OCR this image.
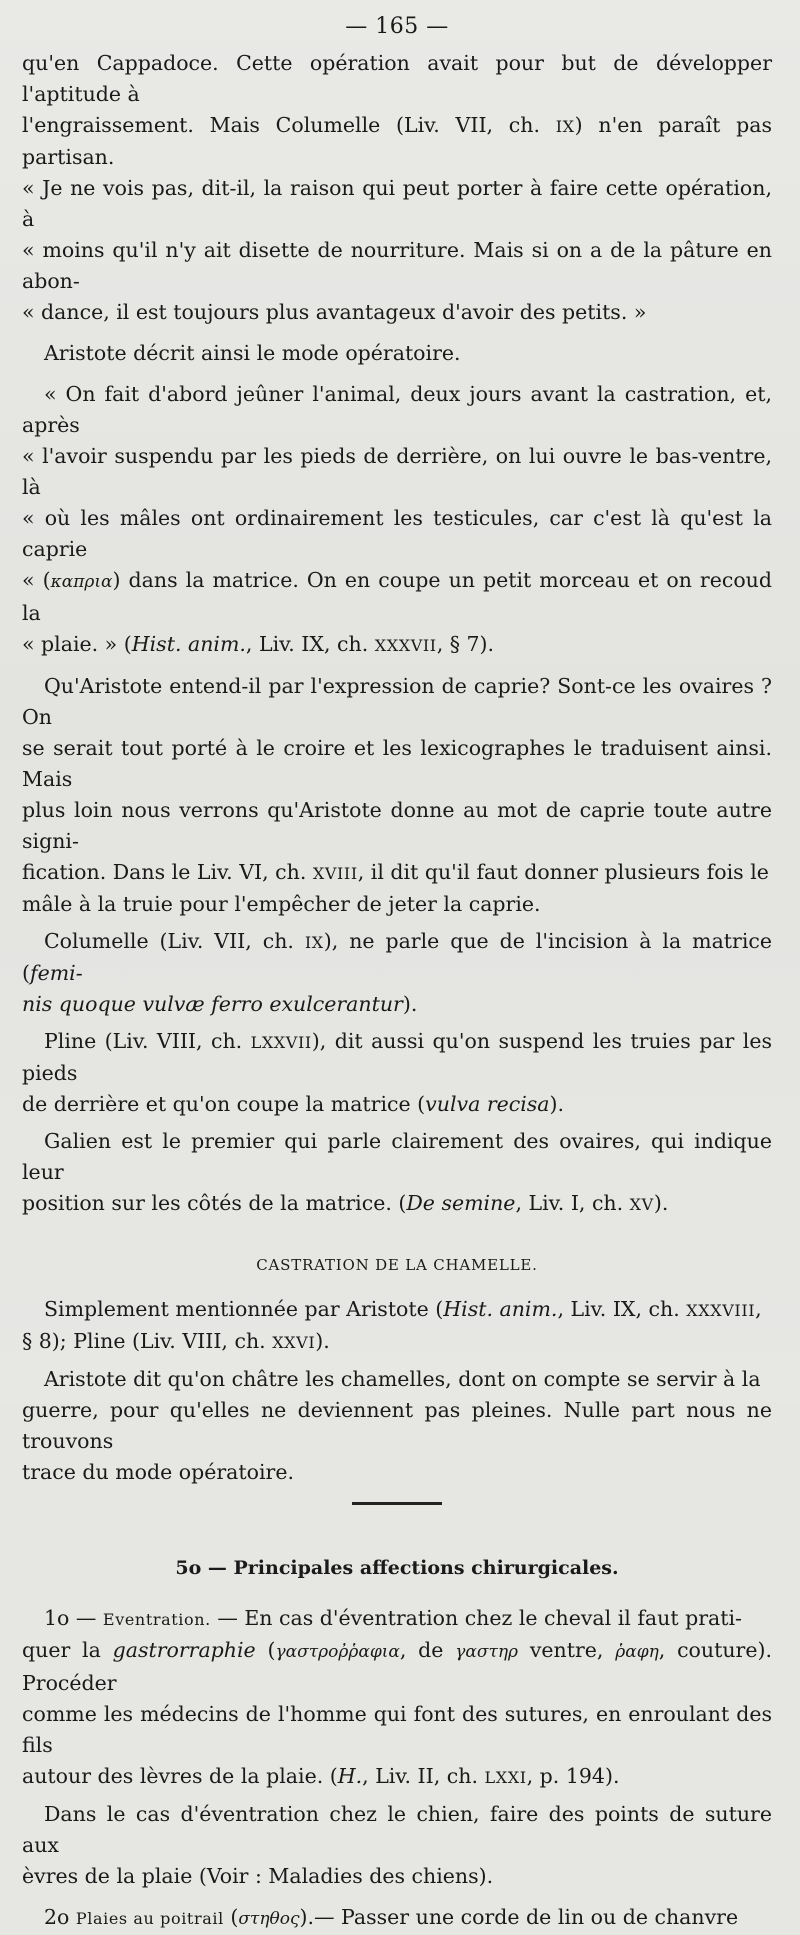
— 165 —

qu'en Cappadoce. Cette opération avait pour but de développer l'aptitude à
l'engraissement. Mais Columelle (Liv. VII, ch. IX) n'en paraît pas partisan.
« Je ne vois pas, dit-il, la raison qui peut porter à faire cette opération, à
« moins qu'il n'y ait disette de nourriture. Mais si on a de la pâture en abon-
« dance, il est toujours plus avantageux d'avoir des petits. »

Aristote décrit ainsi le mode opératoire.

« On fait d'abord jeûner l'animal, deux jours avant la castration, et, après
« l'avoir suspendu par les pieds de derrière, on lui ouvre le bas-ventre, là
« où les mâles ont ordinairement les testicules, car c'est là qu'est la caprie
« (καπρια) dans la matrice. On en coupe un petit morceau et on recoud la
« plaie. » (Hist. anim., Liv. IX, ch. XXXVII, § 7).

Qu'Aristote entend-il par l'expression de caprie? Sont-ce les ovaires ? On
se serait tout porté à le croire et les lexicographes le traduisent ainsi. Mais
plus loin nous verrons qu'Aristote donne au mot de caprie toute autre signi-
fication. Dans le Liv. VI, ch. XVIII, il dit qu'il faut donner plusieurs fois le
mâle à la truie pour l'empêcher de jeter la caprie.

Columelle (Liv. VII, ch. IX), ne parle que de l'incision à la matrice (femi-
nis quoque vulvæ ferro exulcerantur).

Pline (Liv. VIII, ch. LXXVII), dit aussi qu'on suspend les truies par les pieds
de derrière et qu'on coupe la matrice (vulva recisa).

Galien est le premier qui parle clairement des ovaires, qui indique leur
position sur les côtés de la matrice. (De semine, Liv. I, ch. XV).

CASTRATION DE LA CHAMELLE.

Simplement mentionnée par Aristote (Hist. anim., Liv. IX, ch. XXXVIII,
§ 8); Pline (Liv. VIII, ch. XXVI).

Aristote dit qu'on châtre les chamelles, dont on compte se servir à la
guerre, pour qu'elles ne deviennent pas pleines. Nulle part nous ne trouvons
trace du mode opératoire.

5o — Principales affections chirurgicales.

1o — Eventration. — En cas d'éventration chez le cheval il faut prati-
quer la gastrorraphie (γαστροῤῥαφια, de γαστηρ ventre, ῥαφη, couture). Procéder
comme les médecins de l'homme qui font des sutures, en enroulant des fils
autour des lèvres de la plaie. (H., Liv. II, ch. LXXI, p. 194).

Dans le cas d'éventration chez le chien, faire des points de suture aux
èvres de la plaie (Voir : Maladies des chiens).

2o Plaies au poitrail (στηθος).— Passer une corde de lin ou de chanvre
